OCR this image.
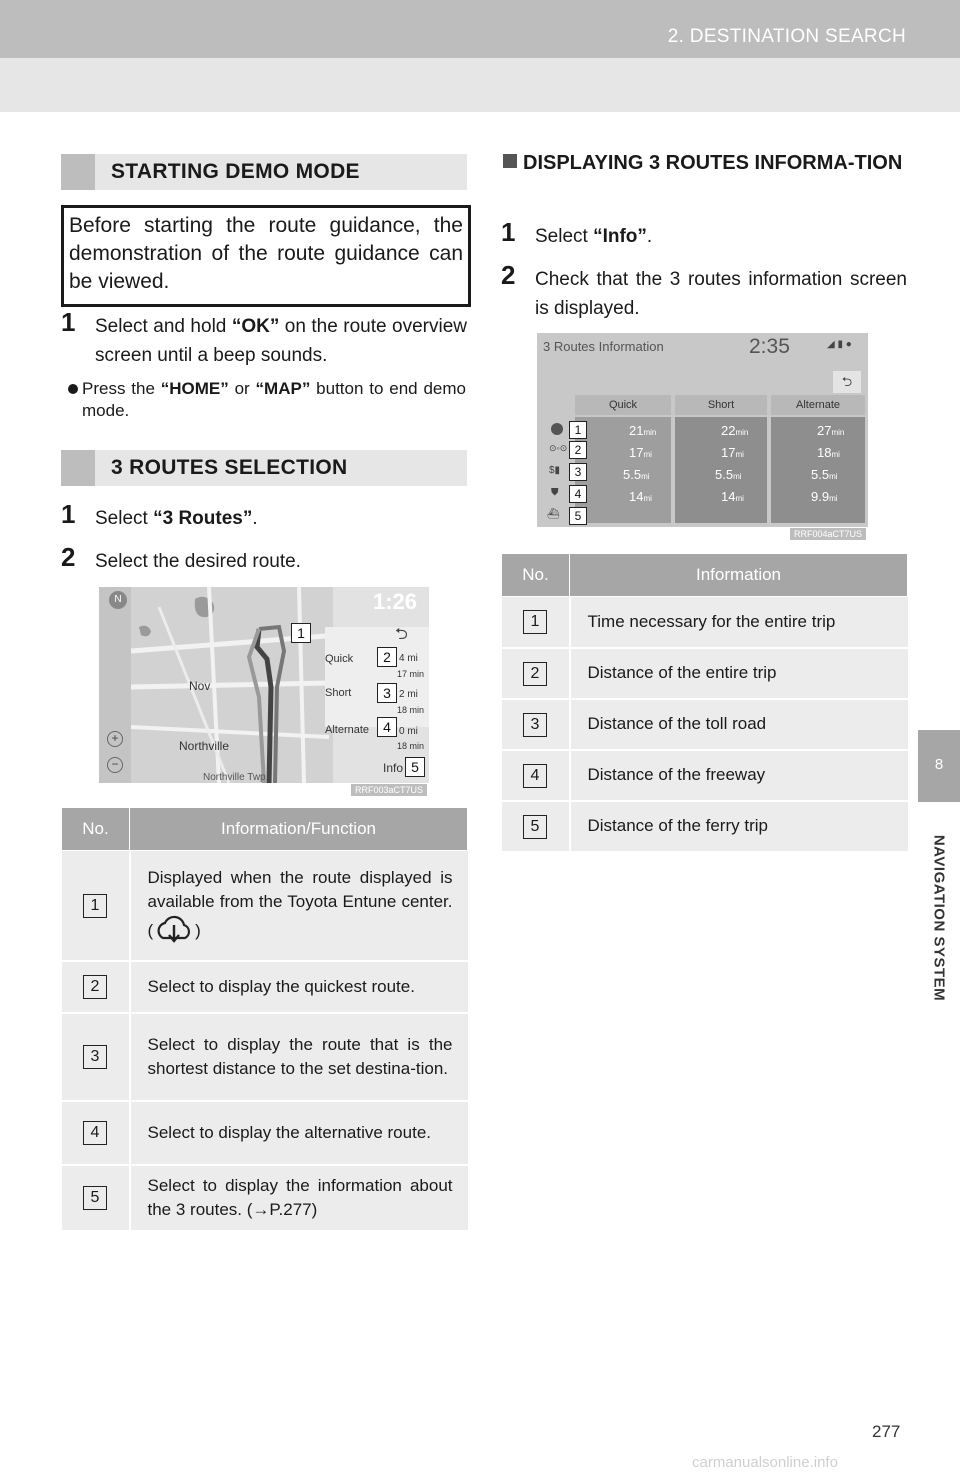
2. DESTINATION SEARCH
8
NAVIGATION SYSTEM
STARTING DEMO MODE
Before starting the route guidance, the demonstration of the route guidance can be viewed.
1 Select and hold “OK” on the route overview screen until a beep sounds.
Press the “HOME” or “MAP” button to end demo mode.
3 ROUTES SELECTION
1 Select “3 Routes”.
2 Select the desired route.
N	1:26
⮌
Quick
Short
Alternate
Info
4 mi
17 min
2 mi
18 min
0 mi
18 min
Nov
Northville
Northville Twp
+
−
1
2
3
4
5
RRF003aCT7US
No.	Information/Function
1	Displayed when the route displayed is available from the Toyota Entune center. ( )

2	Select to display the quickest route.

3	Select to display the route that is the shortest distance to the set destina-tion.

4	Select to display the alternative route.

5	Select to display the information about the 3 routes. (→P.277)
DISPLAYING 3 ROUTES INFORMA-TION
1 Select “Info”.
2 Check that the 3 routes information screen is displayed.
3 Routes Information	2:35	◢ ▮ ●
⮌
Quick	Short	Alternate
⊙◦⊙
$▮
⛊
⛴
21min	22min	27min
17mi	17mi	18mi
5.5mi	5.5mi	5.5mi
14mi	14mi	9.9mi
1
2
3
4
5
RRF004aCT7US
No.	Information
1	Time necessary for the entire trip

2	Distance of the entire trip

3	Distance of the toll road

4	Distance of the freeway

5	Distance of the ferry trip
277
carmanualsonline.info
